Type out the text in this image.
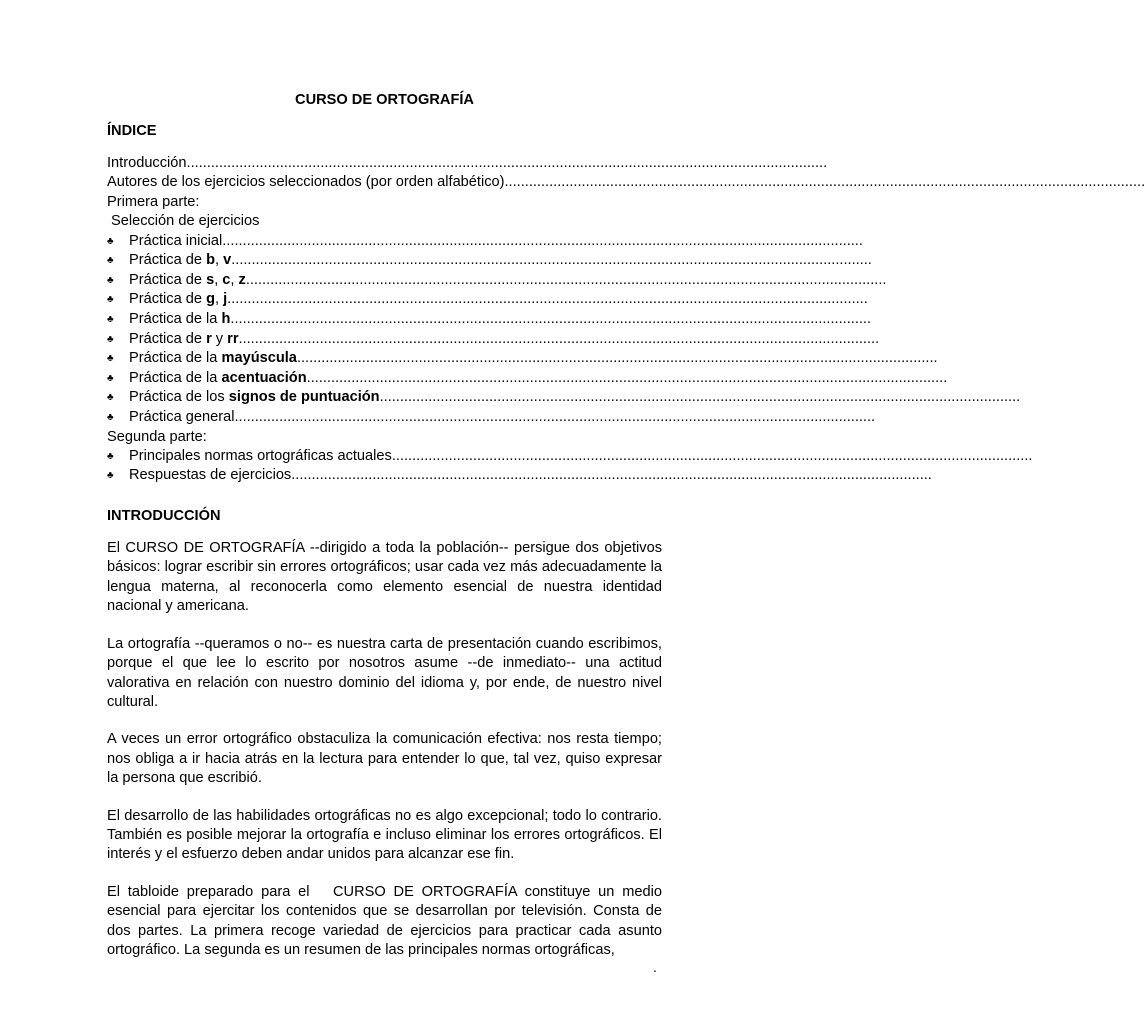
CURSO DE ORTOGRAFÍA
ÍNDICE
Introducción ..............................................................................................................................................................
Autores de los ejercicios seleccionados (por orden alfabético) ..............................................................................................................................................................
Primera parte:
Selección de ejercicios
♣	Práctica inicial ..............................................................................................................................................................
♣	Práctica de b, v ..............................................................................................................................................................
♣	Práctica de s, c, z ..............................................................................................................................................................
♣	Práctica de g, j ..............................................................................................................................................................
♣	Práctica de la h ..............................................................................................................................................................
♣	Práctica de r y rr ..............................................................................................................................................................
♣	Práctica de la mayúscula ..............................................................................................................................................................
♣	Práctica de la acentuación ..............................................................................................................................................................
♣	Práctica de los signos de puntuación ..............................................................................................................................................................
♣	Práctica general ..............................................................................................................................................................
Segunda parte:
♣	Principales normas ortográficas actuales ..............................................................................................................................................................
♣	Respuestas de ejercicios ..............................................................................................................................................................
INTRODUCCIÓN

El CURSO DE ORTOGRAFÍA --dirigido a toda la población-- persigue dos objetivos básicos: lograr escribir sin errores ortográficos; usar cada vez más adecuadamente la lengua materna, al reconocerla como elemento esencial de nuestra identidad nacional y americana.

La ortografía --queramos o no-- es nuestra carta de presentación cuando escribimos, porque el que lee lo escrito por nosotros asume --de inmediato-- una actitud valorativa en relación con nuestro dominio del idioma y, por ende, de nuestro nivel cultural.

A veces un error ortográfico obstaculiza la comunicación efectiva: nos resta tiempo; nos obliga a ir hacia atrás en la lectura para entender lo que, tal vez, quiso expresar la persona que escribió.

El desarrollo de las habilidades ortográficas no es algo excepcional; todo lo contrario. También es posible mejorar la ortografía e incluso eliminar los errores ortográficos. El interés y el esfuerzo deben andar unidos para alcanzar ese fin.

El tabloide preparado para el   CURSO DE ORTOGRAFÍA constituye un medio esencial para ejercitar los contenidos que se desarrollan por televisión. Consta de dos partes. La primera recoge variedad de ejercicios para practicar cada asunto ortográfico. La segunda es un resumen de las principales normas ortográficas,

.
